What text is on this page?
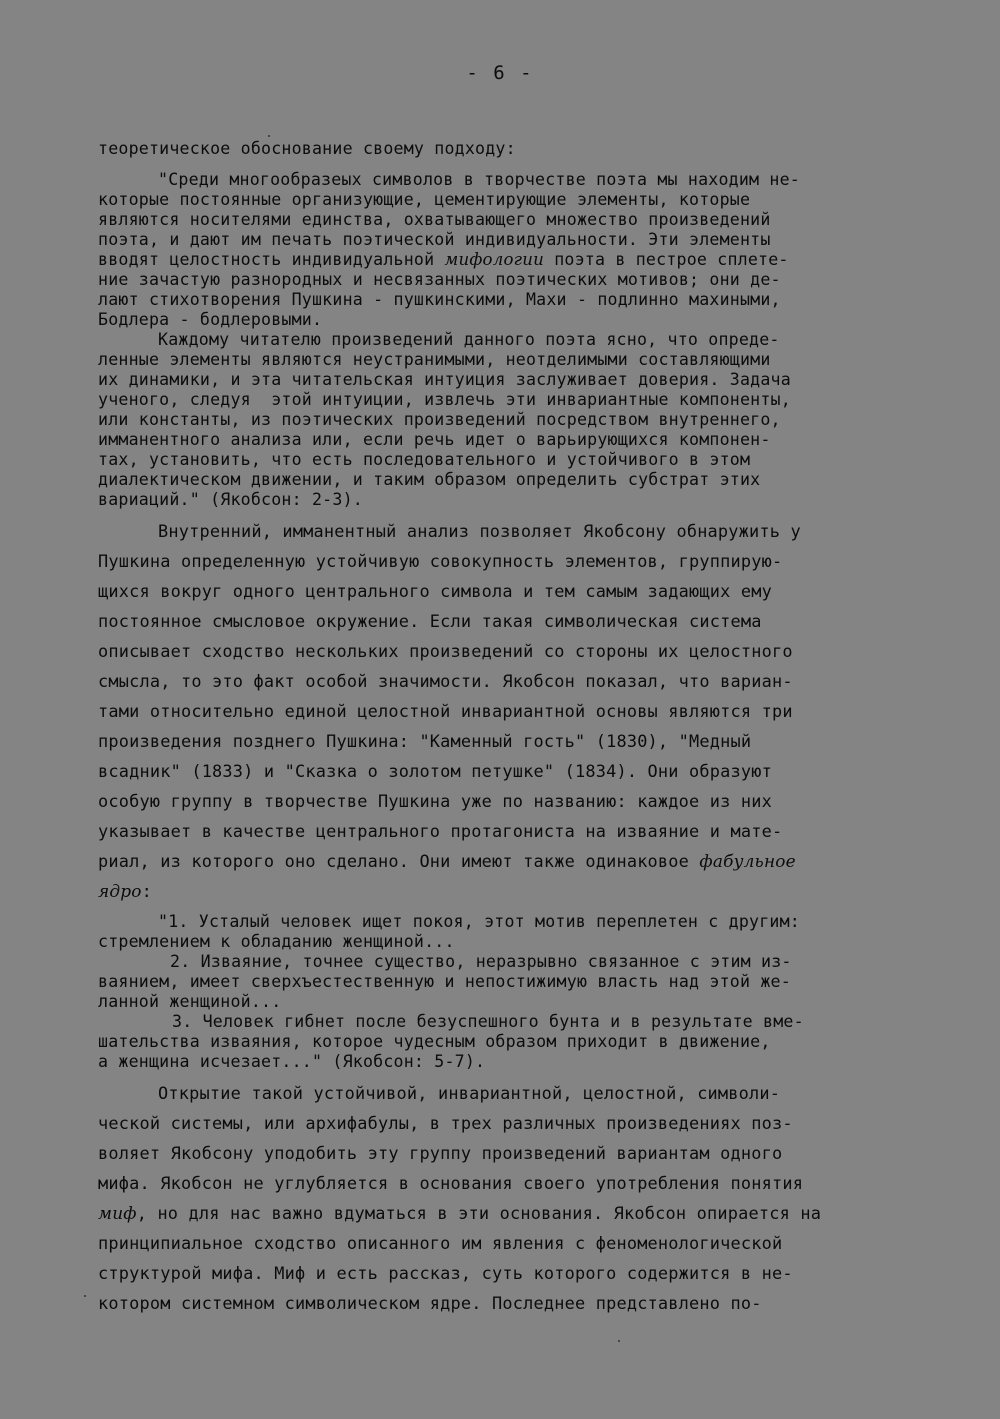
- 6 -
теоретическое обоснование своему подходу:
"Среди многообразеых символов в творчестве поэта мы находим не-
которые постоянные организующие, цементирующие элементы, которые
являются носителями единства, охватывающего множество произведений
поэта, и дают им печать поэтической индивидуальности. Эти элементы
вводят целостность индивидуальной мифологии поэта в пестрое сплете-
ние зачастую разнородных и несвязанных поэтических мотивов; они де-
лают стихотворения Пушкина - пушкинскими, Махи - подлинно махиными,
Бодлера - бодлеровыми.
Каждому читателю произведений данного поэта ясно, что опреде-
ленные элементы являются неустранимыми, неотделимыми составляющими
их динамики, и эта читательская интуиция заслуживает доверия. Задача
ученого, следуя  этой интуиции, извлечь эти инвариантные компоненты,
или константы, из поэтических произведений посредством внутреннего,
имманентного анализа или, если речь идет о варьирующихся компонен-
тах, установить, что есть последовательного и устойчивого в этом
диалектическом движении, и таким образом определить субстрат этих
вариаций." (Якобсон: 2-3).
Внутренний, имманентный анализ позволяет Якобсону обнаружить у
Пушкина определенную устойчивую совокупность элементов, группирую-
щихся вокруг одного центрального символа и тем самым задающих ему
постоянное смысловое окружение. Если такая символическая система
описывает сходство нескольких произведений со стороны их целостного
смысла, то это факт особой значимости. Якобсон показал, что вариан-
тами относительно единой целостной инвариантной основы являются три
произведения позднего Пушкина: "Каменный гость" (1830), "Медный
всадник" (1833) и "Сказка о золотом петушке" (1834). Они образуют
особую группу в творчестве Пушкина уже по названию: каждое из них
указывает в качестве центрального протагониста на изваяние и мате-
риал, из которого оно сделано. Они имеют также одинаковое фабульное
ядро:
"1. Усталый человек ищет покоя, этот мотив переплетен с другим:
стремлением к обладанию женщиной...
2. Изваяние, точнее существо, неразрывно связанное с этим из-
ваянием, имеет сверхъестественную и непостижимую власть над этой же-
ланной женщиной...
3. Человек гибнет после безуспешного бунта и в результате вме-
шательства изваяния, которое чудесным образом приходит в движение,
а женщина исчезает..." (Якобсон: 5-7).
Открытие такой устойчивой, инвариантной, целостной, символи-
ческой системы, или архифабулы, в трех различных произведениях поз-
воляет Якобсону уподобить эту группу произведений вариантам одного
мифа. Якобсон не углубляется в основания своего употребления понятия
миф, но для нас важно вдуматься в эти основания. Якобсон опирается на
принципиальное сходство описанного им явления с феноменологической
структурой мифа. Миф и есть рассказ, суть которого содержится в не-
котором системном символическом ядре. Последнее представлено по-
